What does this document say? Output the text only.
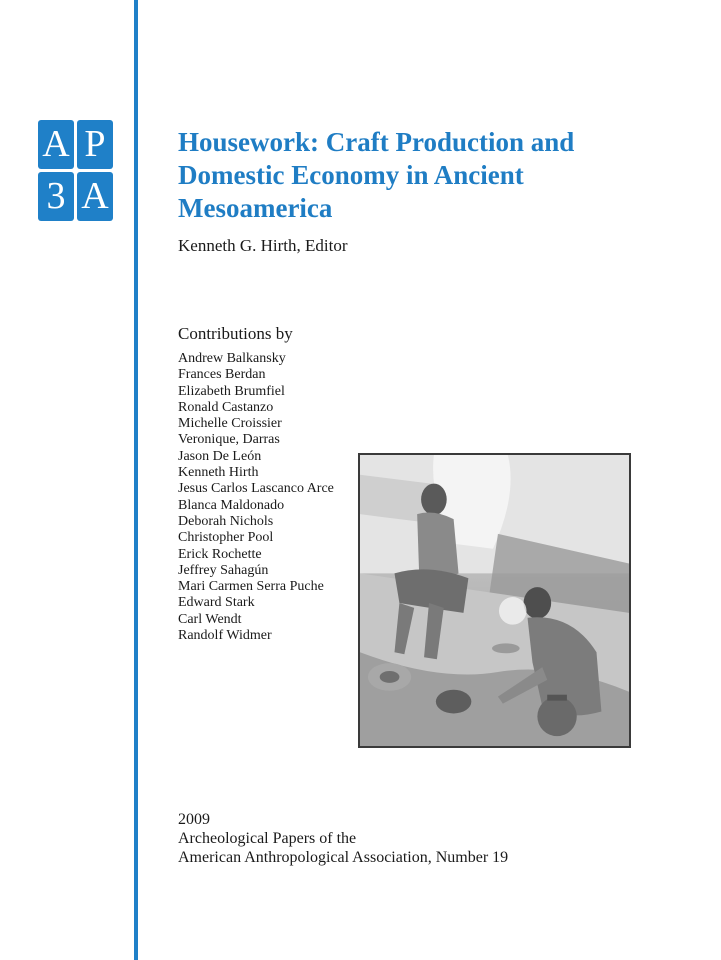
A P
3 A
Housework: Craft Production and
Domestic Economy in Ancient
Mesoamerica
Kenneth G. Hirth, Editor
Contributions by
Andrew Balkansky
Frances Berdan
Elizabeth Brumfiel
Ronald Castanzo
Michelle Croissier
Veronique, Darras
Jason De León
Kenneth Hirth
Jesus Carlos Lascanco Arce
Blanca Maldonado
Deborah Nichols
Christopher Pool
Erick Rochette
Jeffrey Sahagún
Mari Carmen Serra Puche
Edward Stark
Carl Wendt
Randolf Widmer
2009
Archeological Papers of the
American Anthropological Association, Number 19
